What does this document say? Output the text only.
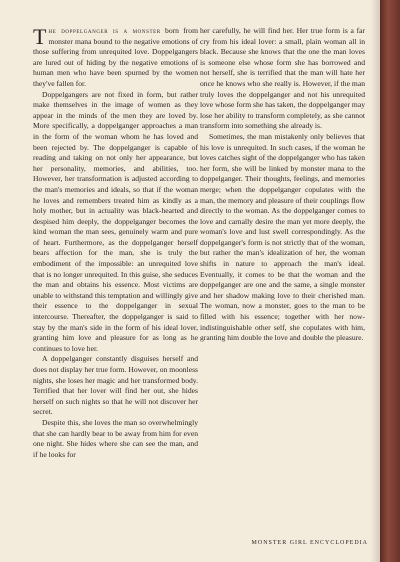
T he doppelganger is a monster born from monster mana bound to the negative emotions of those suffering from unrequited love. Doppelgangers are lured out of hiding by the negative emotions of human men who have been spurned by the women they've fallen for.

Doppelgangers are not fixed in form, but rather make themselves in the image of women as they appear in the minds of the men they are loved by. More specifically, a doppelganger approaches a man in the form of the woman whom he has loved and been rejected by. The doppelganger is capable of reading and taking on not only her appearance, but her personality, memories, and abilities, too. However, her transformation is adjusted according to the man's memories and ideals, so that if the woman he loves and remembers treated him as kindly as a holy mother, but in actuality was black-hearted and despised him deeply, the doppelganger becomes the kind woman the man sees, genuinely warm and pure of heart. Furthermore, as the doppelganger herself bears affection for the man, she is truly the embodiment of the impossible: an unrequited love that is no longer unrequited. In this guise, she seduces the man and obtains his essence. Most victims are unable to withstand this temptation and willingly give their essence to the doppelganger in sexual intercourse. Thereafter, the doppelganger is said to stay by the man's side in the form of his ideal lover, granting him love and pleasure for as long as he continues to love her.

A doppelganger constantly disguises herself and does not display her true form. However, on moonless nights, she loses her magic and her transformed body. Terrified that her lover will find her out, she hides herself on such nights so that he will not discover her secret.

Despite this, she loves the man so overwhelmingly that she can hardly bear to be away from him for even one night. She hides where she can see the man, and if he looks for

her carefully, he will find her. Her true form is a far cry from his ideal lover: a small, plain woman all in black. Because she knows that the one the man loves is someone else whose form she has borrowed and not herself, she is terrified that the man will hate her once he knows who she really is. However, if the man truly loves the doppelganger and not his unrequited love whose form she has taken, the doppelganger may lose her ability to transform completely, as she cannot transform into something she already is.

Sometimes, the man mistakenly only believes that his love is unrequited. In such cases, if the woman he loves catches sight of the doppelganger who has taken her form, she will be linked by monster mana to the doppelganger. Their thoughts, feelings, and memories merge; when the doppelganger copulates with the man, the memory and pleasure of their couplings flow directly to the woman. As the doppelganger comes to love and carnally desire the man yet more deeply, the woman's love and lust swell correspondingly. As the doppelganger's form is not strictly that of the woman, but rather the man's idealization of her, the woman shifts in nature to approach the man's ideal. Eventually, it comes to be that the woman and the doppelganger are one and the same, a single monster and her shadow making love to their cherished man. The woman, now a monster, goes to the man to be filled with his essence; together with her now-indistinguishable other self, she copulates with him, granting him double the love and double the pleasure.

MONSTER GIRL ENCYCLOPEDIA
